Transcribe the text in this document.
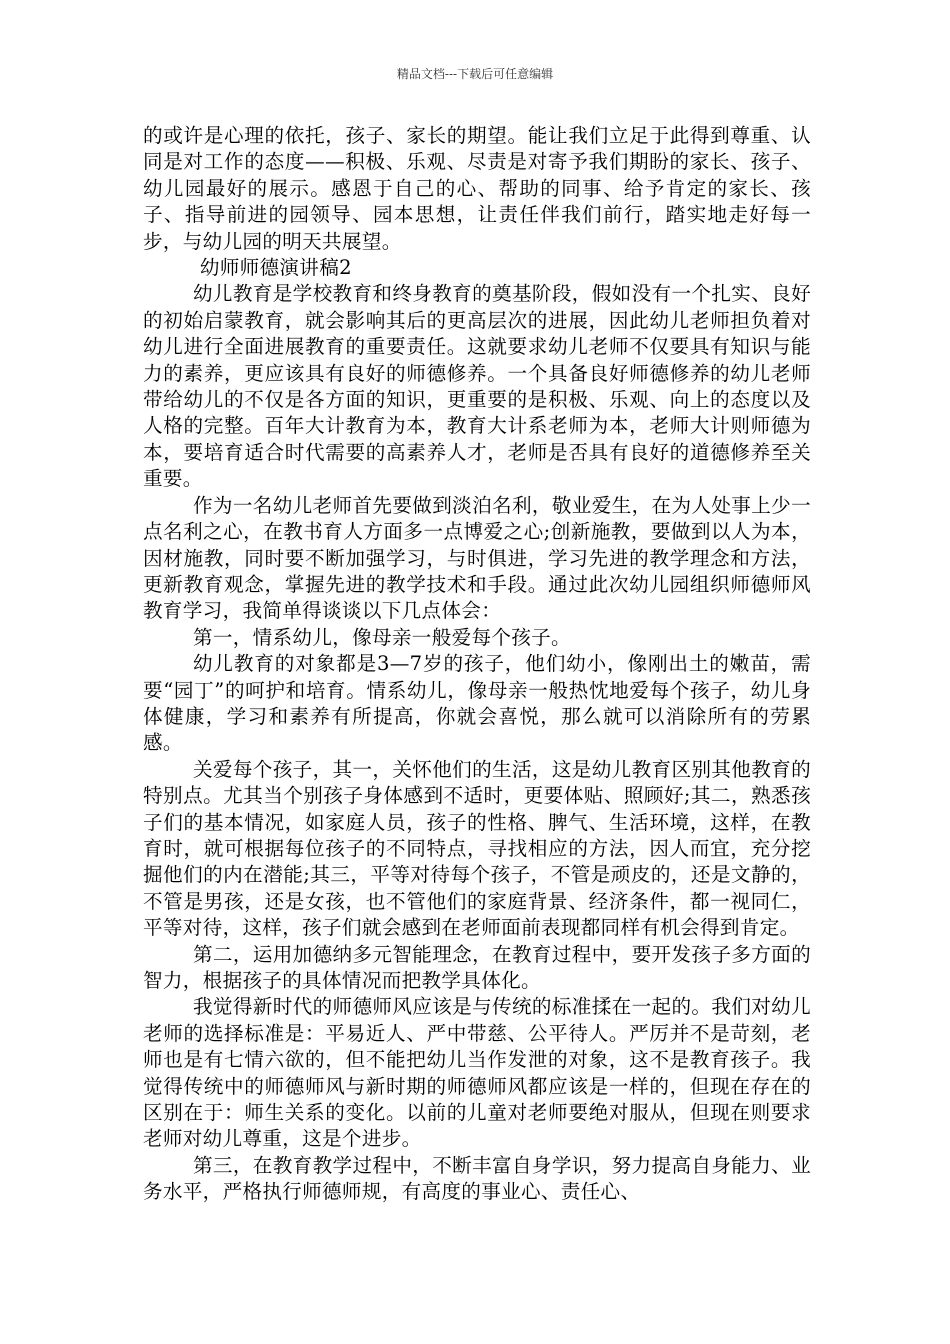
精品文档---下载后可任意编辑

的或许是心理的依托，孩子、家长的期望。能让我们立足于此得到尊重、认同是对工作的态度——积极、乐观、尽责是对寄予我们期盼的家长、孩子、幼儿园最好的展示。感恩于自己的心、帮助的同事、给予肯定的家长、孩子、指导前进的园领导、园本思想，让责任伴我们前行，踏实地走好每一步，与幼儿园的明天共展望。

幼师师德演讲稿2

幼儿教育是学校教育和终身教育的奠基阶段，假如没有一个扎实、良好的初始启蒙教育，就会影响其后的更高层次的进展，因此幼儿老师担负着对幼儿进行全面进展教育的重要责任。这就要求幼儿老师不仅要具有知识与能力的素养，更应该具有良好的师德修养。一个具备良好师德修养的幼儿老师带给幼儿的不仅是各方面的知识，更重要的是积极、乐观、向上的态度以及人格的完整。百年大计教育为本，教育大计系老师为本，老师大计则师德为本，要培育适合时代需要的高素养人才，老师是否具有良好的道德修养至关重要。

作为一名幼儿老师首先要做到淡泊名利，敬业爱生，在为人处事上少一点名利之心，在教书育人方面多一点博爱之心;创新施教，要做到以人为本，因材施教，同时要不断加强学习，与时俱进，学习先进的教学理念和方法，更新教育观念，掌握先进的教学技术和手段。通过此次幼儿园组织师德师风教育学习，我简单得谈谈以下几点体会：

第一，情系幼儿，像母亲一般爱每个孩子。

幼儿教育的对象都是3—7岁的孩子，他们幼小，像刚出土的嫩苗，需要“园丁”的呵护和培育。情系幼儿，像母亲一般热忱地爱每个孩子，幼儿身体健康，学习和素养有所提高，你就会喜悦，那么就可以消除所有的劳累感。

关爱每个孩子，其一，关怀他们的生活，这是幼儿教育区别其他教育的特别点。尤其当个别孩子身体感到不适时，更要体贴、照顾好;其二，熟悉孩子们的基本情况，如家庭人员，孩子的性格、脾气、生活环境，这样，在教育时，就可根据每位孩子的不同特点，寻找相应的方法，因人而宜，充分挖掘他们的内在潜能;其三，平等对待每个孩子，不管是顽皮的，还是文静的，不管是男孩，还是女孩，也不管他们的家庭背景、经济条件，都一视同仁，平等对待，这样，孩子们就会感到在老师面前表现都同样有机会得到肯定。

第二，运用加德纳多元智能理念，在教育过程中，要开发孩子多方面的智力，根据孩子的具体情况而把教学具体化。

我觉得新时代的师德师风应该是与传统的标准揉在一起的。我们对幼儿老师的选择标准是：平易近人、严中带慈、公平待人。严厉并不是苛刻，老师也是有七情六欲的，但不能把幼儿当作发泄的对象，这不是教育孩子。我觉得传统中的师德师风与新时期的师德师风都应该是一样的，但现在存在的区别在于：师生关系的变化。以前的儿童对老师要绝对服从，但现在则要求老师对幼儿尊重，这是个进步。

第三，在教育教学过程中，不断丰富自身学识，努力提高自身能力、业务水平，严格执行师德师规，有高度的事业心、责任心、
